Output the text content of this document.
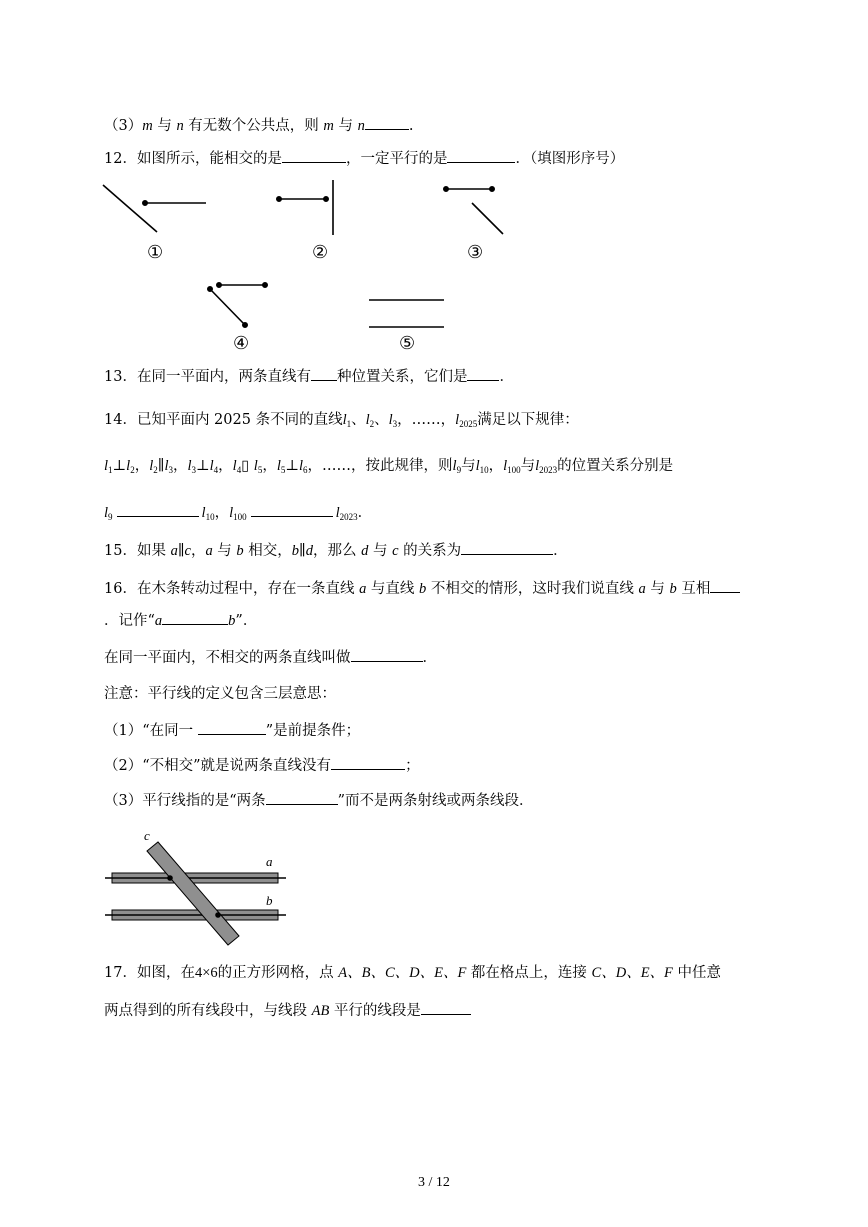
（3）m 与 n 有无数个公共点，则 m 与 n	.
12．如图所示，能相交的是	，一定平行的是	．（填图形序号）
①	②	③
④	⑤
13．在同一平面内，两条直线有 种位置关系，它们是 ．
14．已知平面内 2025 条不同的直线$l_1$、$l_2$、$l_3$，……，$l_{2025}$满足以下规律：
$l_1\perp l_2$，$l_2\parallel l_3$，$l_3\perp l_4$，$l_4▯$ $l_5$，$l_5\perp l_6$，……，按此规律，则$l_9$与$l_{10}$，$l_{100}$与$l_{2023}$的位置关系分别是
$l_9$	$l_{10}$，$l_{100}$	$l_{2023}$．
15．如果 a∥c，a 与 b 相交，b∥d，那么 d 与 c 的关系为	．
16．在木条转动过程中，存在一条直线 a 与直线 b 不相交的情形，这时我们说直线 a 与 b 互相
．记作“a	b”．
在同一平面内，不相交的两条直线叫做	．
注意：平行线的定义包含三层意思：
（1）“在同一	”是前提条件；
（2）“不相交”就是说两条直线没有	；
（3）平行线指的是“两条	”而不是两条射线或两条线段．
c
a
b
17．如图，在4×6的正方形网格，点 A、B、C、D、E、F 都在格点上，连接 C、D、E、F 中任意
两点得到的所有线段中，与线段 AB 平行的线段是
3 / 12
